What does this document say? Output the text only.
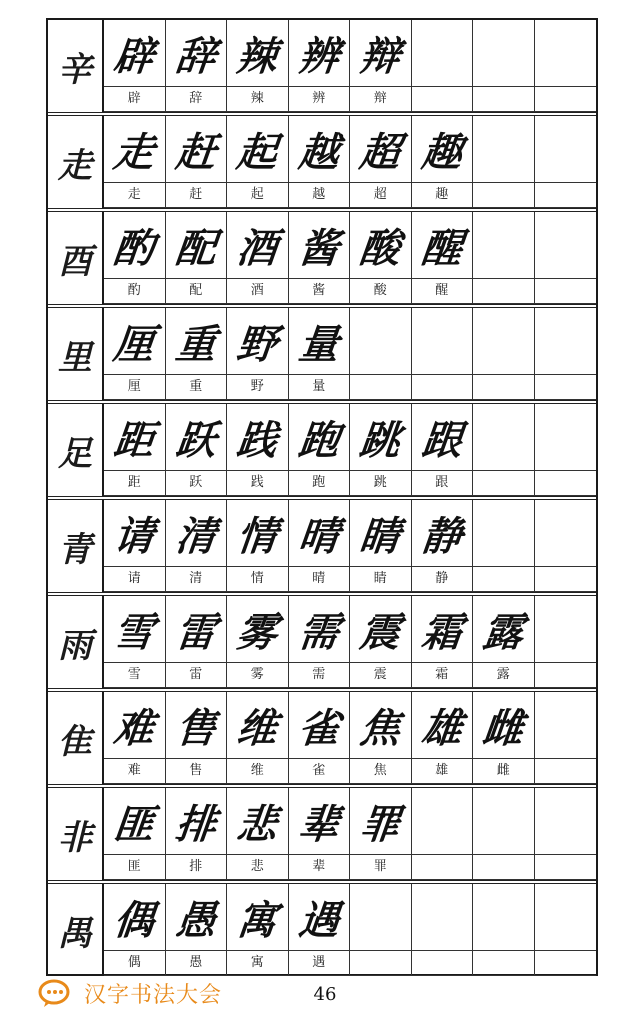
辛 辟
辟
辞
辞
辣
辣
辨
辨
辩
辩
走 走
走
赶
赶
起
起
越
越
超
超
趣
趣
酉 酌
酌
配
配
酒
酒
酱
酱
酸
酸
醒
醒
里 厘
厘
重
重
野
野
量
量
足 距
距
跃
跃
践
践
跑
跑
跳
跳
跟
跟
青 请
请
清
清
情
情
晴
晴
睛
睛
静
静
雨 雪
雪
雷
雷
雾
雾
需
需
震
震
霜
霜
露
露
隹 难
难
售
售
维
维
雀
雀
焦
焦
雄
雄
雌
雌
非 匪
匪
排
排
悲
悲
辈
辈
罪
罪
禺 偶
偶
愚
愚
寓
寓
遇
遇
汉字书法大会	46
